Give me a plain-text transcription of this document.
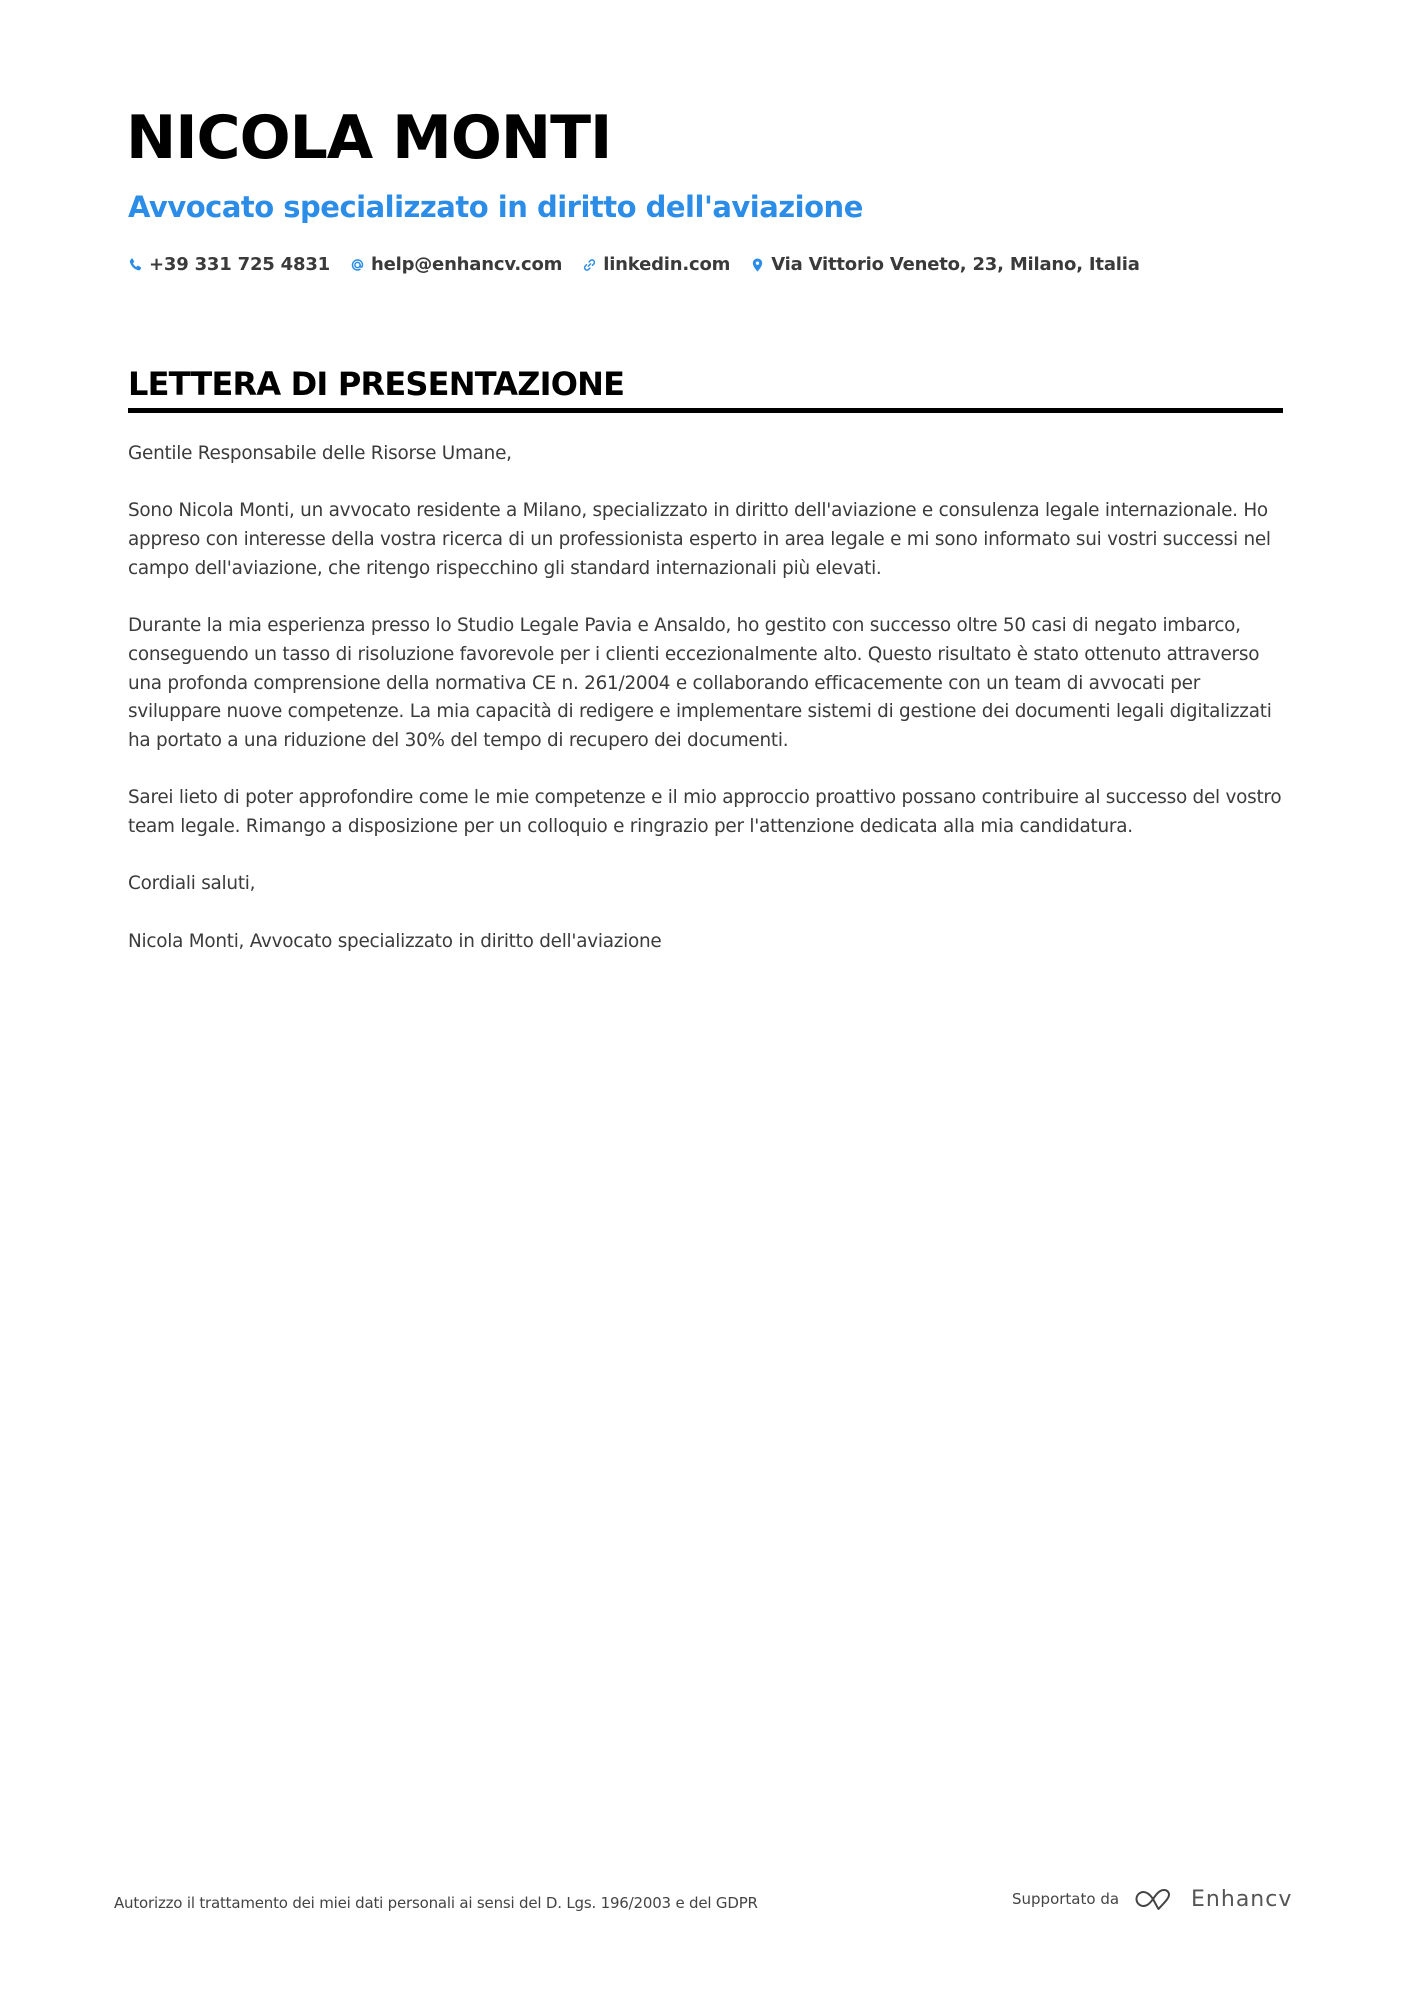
NICOLA MONTI
Avvocato specializzato in diritto dell'aviazione
+39 331 725 4831 help@enhancv.com linkedin.com Via Vittorio Veneto, 23, Milano, Italia
LETTERA DI PRESENTAZIONE

Gentile Responsabile delle Risorse Umane,

Sono Nicola Monti, un avvocato residente a Milano, specializzato in diritto dell'aviazione e consulenza legale internazionale. Ho appreso con interesse della vostra ricerca di un professionista esperto in area legale e mi sono informato sui vostri successi nel campo dell'aviazione, che ritengo rispecchino gli standard internazionali più elevati.

Durante la mia esperienza presso lo Studio Legale Pavia e Ansaldo, ho gestito con successo oltre 50 casi di negato imbarco, conseguendo un tasso di risoluzione favorevole per i clienti eccezionalmente alto. Questo risultato è stato ottenuto attraverso una profonda comprensione della normativa CE n. 261/2004 e collaborando efficacemente con un team di avvocati per sviluppare nuove competenze. La mia capacità di redigere e implementare sistemi di gestione dei documenti legali digitalizzati ha portato a una riduzione del 30% del tempo di recupero dei documenti.

Sarei lieto di poter approfondire come le mie competenze e il mio approccio proattivo possano contribuire al successo del vostro team legale. Rimango a disposizione per un colloquio e ringrazio per l'attenzione dedicata alla mia candidatura.

Cordiali saluti,

Nicola Monti, Avvocato specializzato in diritto dell'aviazione

Autorizzo il trattamento dei miei dati personali ai sensi del D. Lgs. 196/2003 e del GDPR	Supportato da	Enhancv
